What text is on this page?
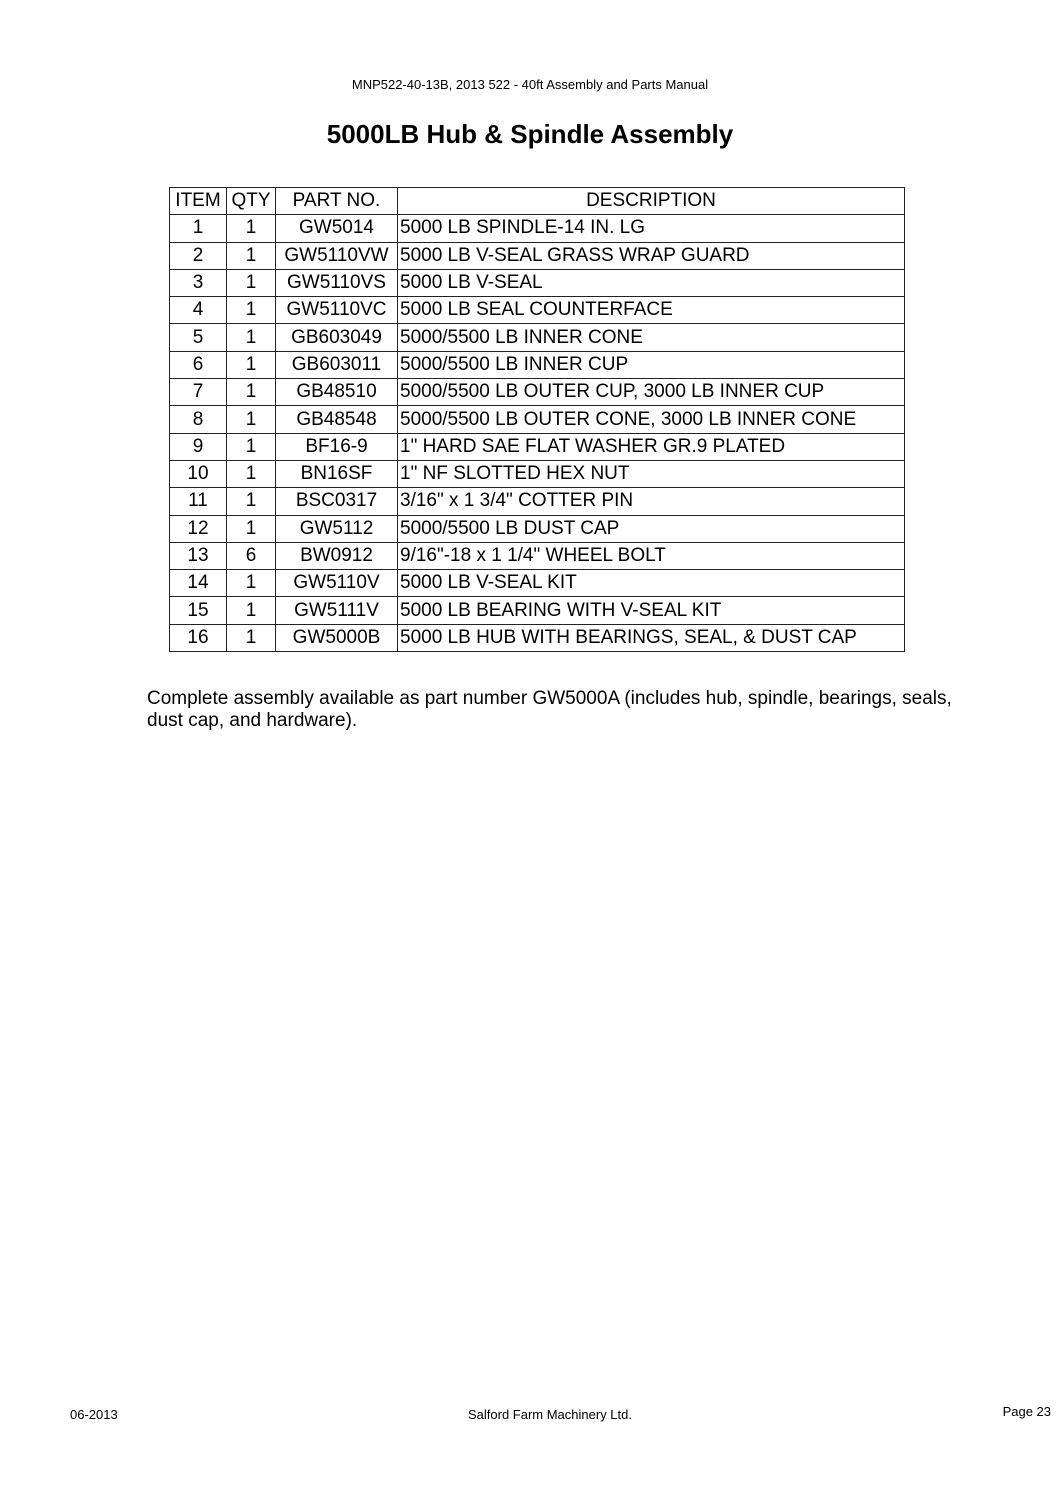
MNP522-40-13B, 2013 522 - 40ft Assembly and Parts Manual
5000LB Hub & Spindle Assembly
ITEM	QTY	PART NO.	DESCRIPTION
1	1	GW5014	5000 LB SPINDLE-14 IN. LG
2	1	GW5110VW	5000 LB V-SEAL GRASS WRAP GUARD
3	1	GW5110VS	5000 LB V-SEAL
4	1	GW5110VC	5000 LB SEAL COUNTERFACE
5	1	GB603049	5000/5500 LB INNER CONE
6	1	GB603011	5000/5500 LB INNER CUP
7	1	GB48510	5000/5500 LB OUTER CUP, 3000 LB INNER CUP
8	1	GB48548	5000/5500 LB OUTER CONE, 3000 LB INNER CONE
9	1	BF16-9	1" HARD SAE FLAT WASHER GR.9 PLATED
10	1	BN16SF	1" NF SLOTTED HEX NUT
11	1	BSC0317	3/16" x 1 3/4" COTTER PIN
12	1	GW5112	5000/5500 LB DUST CAP
13	6	BW0912	9/16"-18 x 1 1/4" WHEEL BOLT
14	1	GW5110V	5000 LB V-SEAL KIT
15	1	GW5111V	5000 LB BEARING WITH V-SEAL KIT
16	1	GW5000B	5000 LB HUB WITH BEARINGS, SEAL, & DUST CAP
Complete assembly available as part number GW5000A (includes hub, spindle, bearings, seals, dust cap, and hardware).
06-2013	Salford Farm Machinery Ltd.	Page 23
